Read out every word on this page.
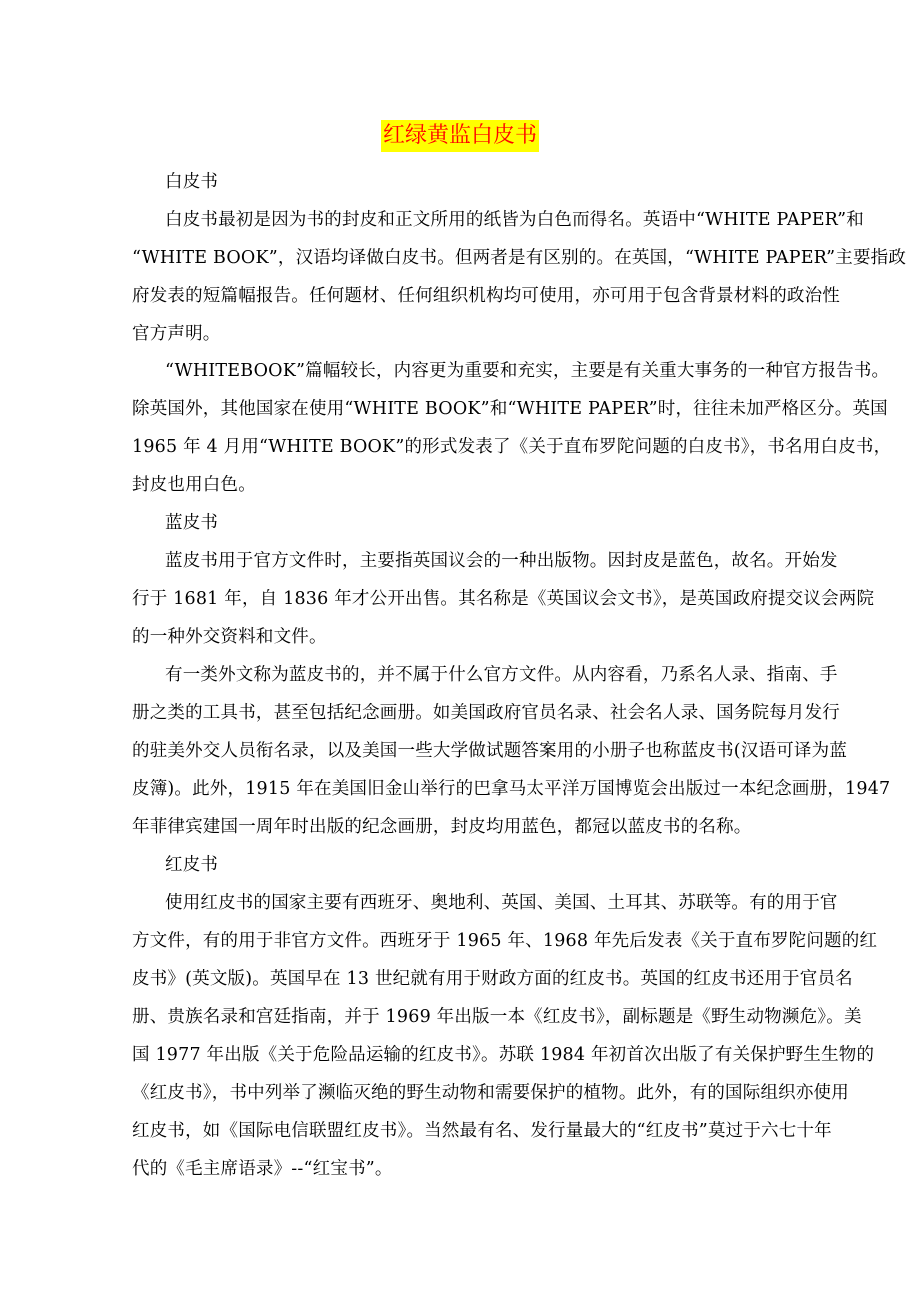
红绿黄监白皮书
白皮书
白皮书最初是因为书的封皮和正文所用的纸皆为白色而得名。英语中“WHITE PAPER”和
“WHITE BOOK”，汉语均译做白皮书。但两者是有区别的。在英国，“WHITE PAPER”主要指政
府发表的短篇幅报告。任何题材、任何组织机构均可使用，亦可用于包含背景材料的政治性
官方声明。
“WHITEBOOK”篇幅较长，内容更为重要和充实，主要是有关重大事务的一种官方报告书。
除英国外，其他国家在使用“WHITE BOOK”和“WHITE PAPER”时，往往未加严格区分。英国
1965 年 4 月用“WHITE BOOK”的形式发表了《关于直布罗陀问题的白皮书》，书名用白皮书，
封皮也用白色。
蓝皮书
蓝皮书用于官方文件时，主要指英国议会的一种出版物。因封皮是蓝色，故名。开始发
行于 1681 年，自 1836 年才公开出售。其名称是《英国议会文书》，是英国政府提交议会两院
的一种外交资料和文件。
有一类外文称为蓝皮书的，并不属于什么官方文件。从内容看，乃系名人录、指南、手
册之类的工具书，甚至包括纪念画册。如美国政府官员名录、社会名人录、国务院每月发行
的驻美外交人员衔名录，以及美国一些大学做试题答案用的小册子也称蓝皮书(汉语可译为蓝
皮簿)。此外，1915 年在美国旧金山举行的巴拿马太平洋万国博览会出版过一本纪念画册，1947
年菲律宾建国一周年时出版的纪念画册，封皮均用蓝色，都冠以蓝皮书的名称。
红皮书
使用红皮书的国家主要有西班牙、奥地利、英国、美国、土耳其、苏联等。有的用于官
方文件，有的用于非官方文件。西班牙于 1965 年、1968 年先后发表《关于直布罗陀问题的红
皮书》(英文版)。英国早在 13 世纪就有用于财政方面的红皮书。英国的红皮书还用于官员名
册、贵族名录和宫廷指南，并于 1969 年出版一本《红皮书》，副标题是《野生动物濒危》。美
国 1977 年出版《关于危险品运输的红皮书》。苏联 1984 年初首次出版了有关保护野生生物的
《红皮书》，书中列举了濒临灭绝的野生动物和需要保护的植物。此外，有的国际组织亦使用
红皮书，如《国际电信联盟红皮书》。当然最有名、发行量最大的“红皮书”莫过于六七十年
代的《毛主席语录》--“红宝书”。
